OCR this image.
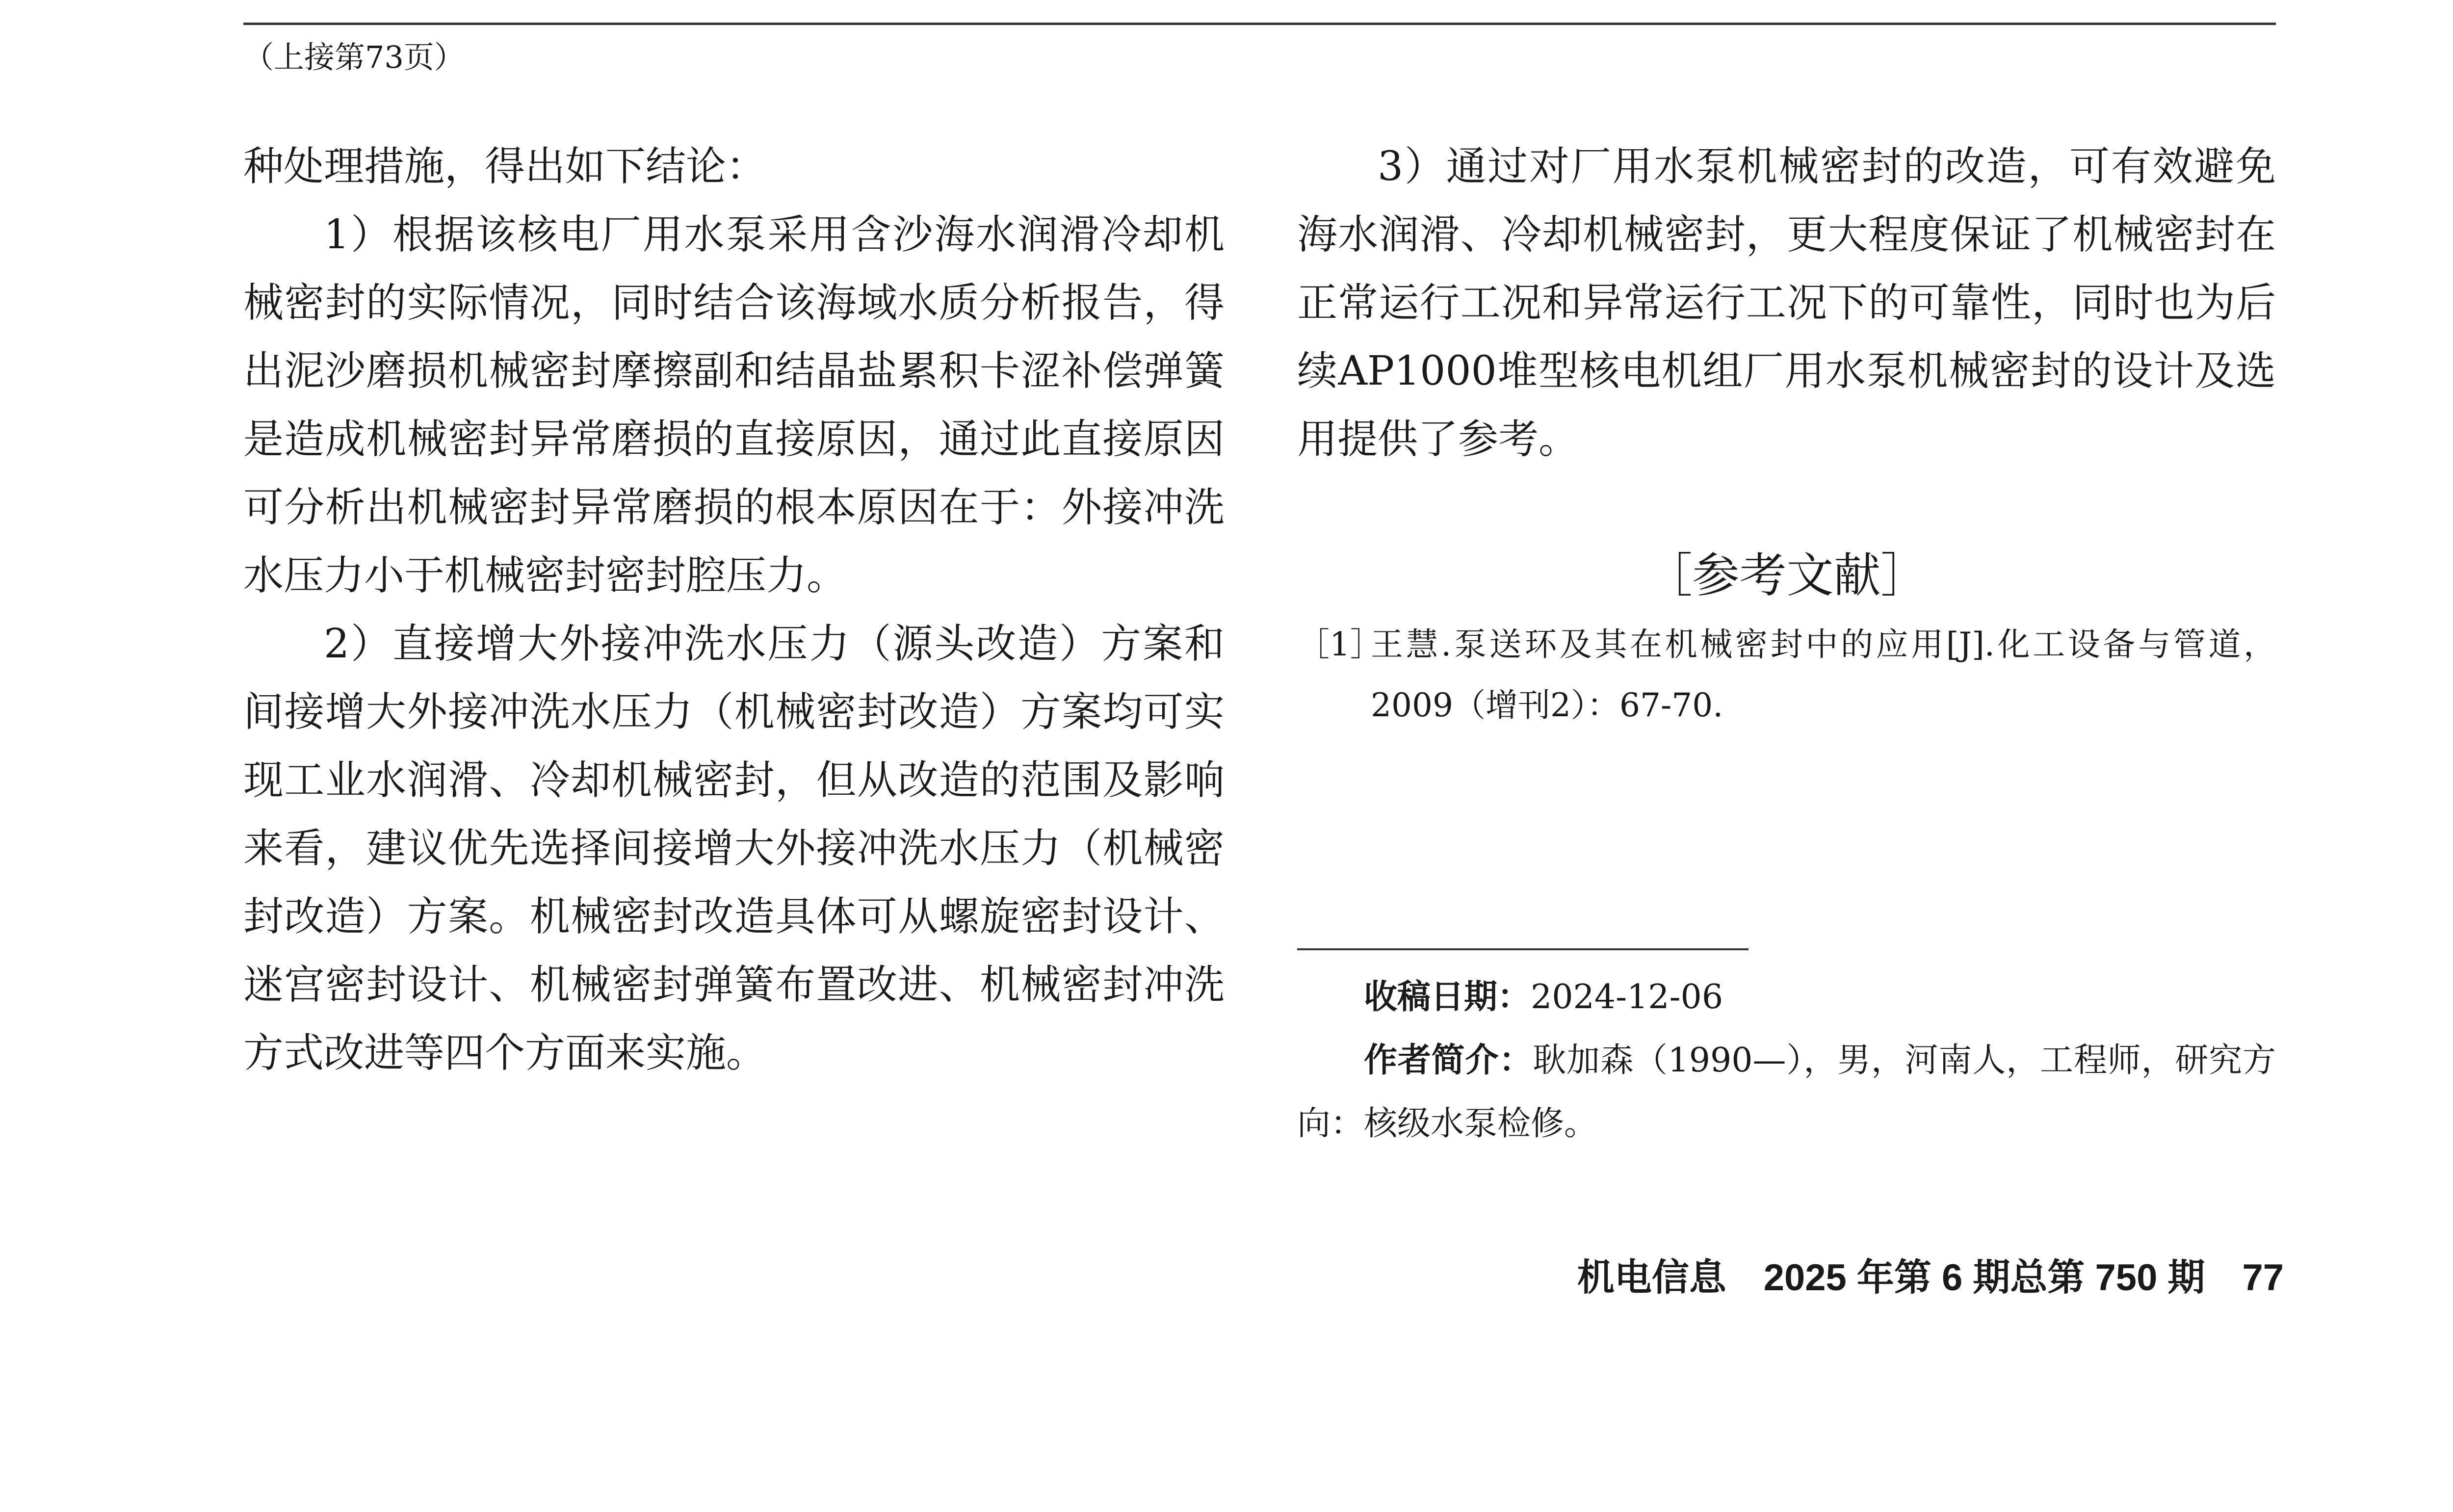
（上接第73页）

种处理措施，得出如下结论：

1）根据该核电厂用水泵采用含沙海水润滑冷却机械密封的实际情况，同时结合该海域水质分析报告，得出泥沙磨损机械密封摩擦副和结晶盐累积卡涩补偿弹簧是造成机械密封异常磨损的直接原因，通过此直接原因可分析出机械密封异常磨损的根本原因在于：外接冲洗水压力小于机械密封密封腔压力。

2）直接增大外接冲洗水压力（源头改造）方案和间接增大外接冲洗水压力（机械密封改造）方案均可实现工业水润滑、冷却机械密封，但从改造的范围及影响来看，建议优先选择间接增大外接冲洗水压力（机械密封改造）方案。机械密封改造具体可从螺旋密封设计、迷宫密封设计、机械密封弹簧布置改进、机械密封冲洗方式改进等四个方面来实施。

3）通过对厂用水泵机械密封的改造，可有效避免海水润滑、冷却机械密封，更大程度保证了机械密封在正常运行工况和异常运行工况下的可靠性，同时也为后续AP1000堆型核电机组厂用水泵机械密封的设计及选用提供了参考。

［参考文献］
［1］
王慧.泵送环及其在机械密封中的应用[J].化工设备与管道，2009（增刊2）：67-70.

收稿日期：2024-12-06

作者简介：耿加森（1990—），男，河南人，工程师，研究方向：核级水泵检修。

机电信息　2025 年第 6 期总第 750 期　77
